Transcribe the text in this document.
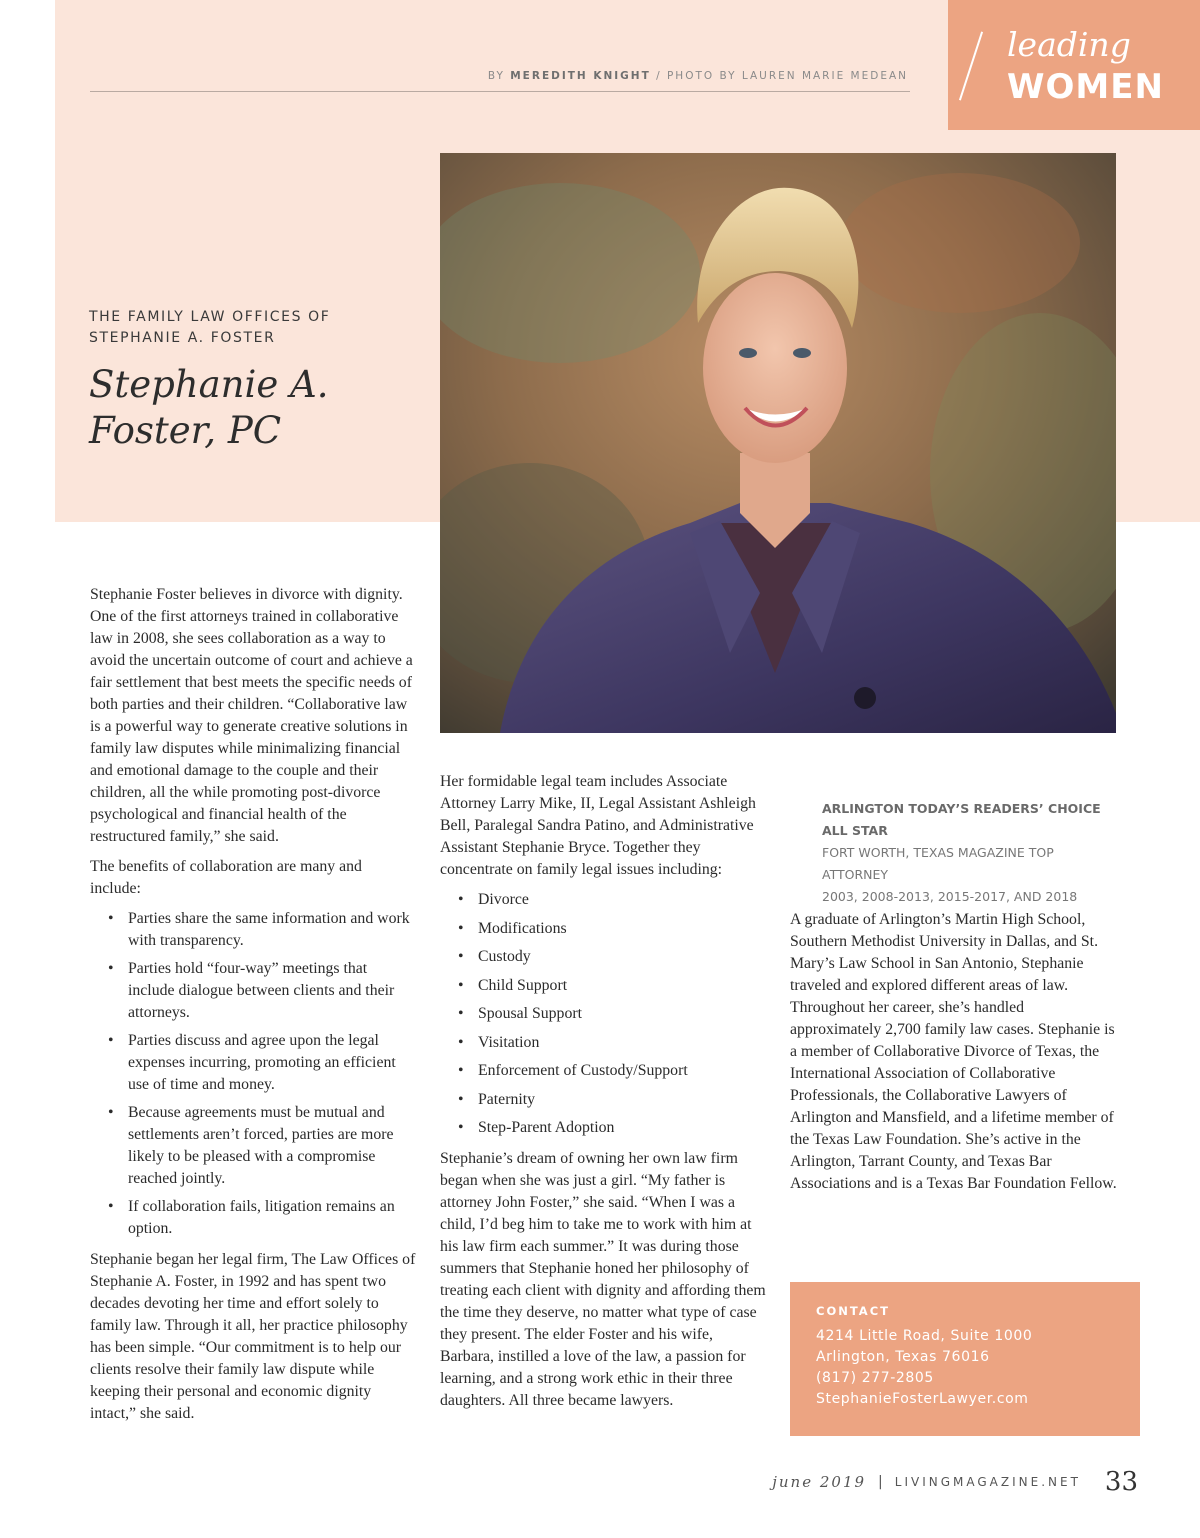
leading
WOMEN
BY MEREDITH KNIGHT / PHOTO BY LAUREN MARIE MEDEAN
THE FAMILY LAW OFFICES OF STEPHANIE A. FOSTER
Stephanie A. Foster, PC

Stephanie Foster believes in divorce with dignity. One of the first attorneys trained in collaborative law in 2008, she sees collaboration as a way to avoid the uncertain outcome of court and achieve a fair settlement that best meets the specific needs of both parties and their children. “Collaborative law is a powerful way to generate creative solutions in family law disputes while minimalizing financial and emotional damage to the couple and their children, all the while promoting post-divorce psychological and financial health of the restructured family,” she said.

The benefits of collaboration are many and include:

• Parties share the same information and work with transparency.
• Parties hold “four-way” meetings that include dialogue between clients and their attorneys.
• Parties discuss and agree upon the legal expenses incurring, promoting an efficient use of time and money.
• Because agreements must be mutual and settlements aren’t forced, parties are more likely to be pleased with a compromise reached jointly.
• If collaboration fails, litigation remains an option.

Stephanie began her legal firm, The Law Offices of Stephanie A. Foster, in 1992 and has spent two decades devoting her time and effort solely to family law. Through it all, her practice philosophy has been simple. “Our commitment is to help our clients resolve their family law dispute while keeping their personal and economic dignity intact,” she said.

Her formidable legal team includes Associate Attorney Larry Mike, II, Legal Assistant Ashleigh Bell, Paralegal Sandra Patino, and Administrative Assistant Stephanie Bryce. Together they concentrate on family legal issues including:

• Divorce
• Modifications
• Custody
• Child Support
• Spousal Support
• Visitation
• Enforcement of Custody/Support
• Paternity
• Step-Parent Adoption

Stephanie’s dream of owning her own law firm began when she was just a girl. “My father is attorney John Foster,” she said. “When I was a child, I’d beg him to take me to work with him at his law firm each summer.” It was during those summers that Stephanie honed her philosophy of treating each client with dignity and affording them the time they deserve, no matter what type of case they present. The elder Foster and his wife, Barbara, instilled a love of the law, a passion for learning, and a strong work ethic in their three daughters. All three became lawyers.

ARLINGTON TODAY’S READERS’ CHOICE ALL STAR
FORT WORTH, TEXAS MAGAZINE TOP ATTORNEY
2003, 2008-2013, 2015-2017, AND 2018

A graduate of Arlington’s Martin High School, Southern Methodist University in Dallas, and St. Mary’s Law School in San Antonio, Stephanie traveled and explored different areas of law. Throughout her career, she’s handled approximately 2,700 family law cases. Stephanie is a member of Collaborative Divorce of Texas, the International Association of Collaborative Professionals, the Collaborative Lawyers of Arlington and Mansfield, and a lifetime member of the Texas Law Foundation. She’s active in the Arlington, Tarrant County, and Texas Bar Associations and is a Texas Bar Foundation Fellow.

CONTACT
4214 Little Road, Suite 1000
Arlington, Texas 76016
(817) 277-2805
StephanieFosterLawyer.com
june 2019 | LIVINGMAGAZINE.NET 33
